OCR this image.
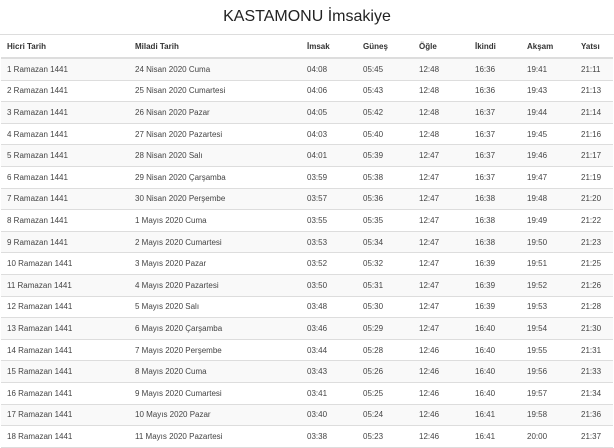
KASTAMONU İmsakiye
Hicri Tarih	Miladi Tarih	İmsak	Güneş	Öğle	İkindi	Akşam	Yatsı
1 Ramazan 1441	24 Nisan 2020 Cuma	04:08	05:45	12:48	16:36	19:41	21:11
2 Ramazan 1441	25 Nisan 2020 Cumartesi	04:06	05:43	12:48	16:36	19:43	21:13
3 Ramazan 1441	26 Nisan 2020 Pazar	04:05	05:42	12:48	16:37	19:44	21:14
4 Ramazan 1441	27 Nisan 2020 Pazartesi	04:03	05:40	12:48	16:37	19:45	21:16
5 Ramazan 1441	28 Nisan 2020 Salı	04:01	05:39	12:47	16:37	19:46	21:17
6 Ramazan 1441	29 Nisan 2020 Çarşamba	03:59	05:38	12:47	16:37	19:47	21:19
7 Ramazan 1441	30 Nisan 2020 Perşembe	03:57	05:36	12:47	16:38	19:48	21:20
8 Ramazan 1441	1 Mayıs 2020 Cuma	03:55	05:35	12:47	16:38	19:49	21:22
9 Ramazan 1441	2 Mayıs 2020 Cumartesi	03:53	05:34	12:47	16:38	19:50	21:23
10 Ramazan 1441	3 Mayıs 2020 Pazar	03:52	05:32	12:47	16:39	19:51	21:25
11 Ramazan 1441	4 Mayıs 2020 Pazartesi	03:50	05:31	12:47	16:39	19:52	21:26
12 Ramazan 1441	5 Mayıs 2020 Salı	03:48	05:30	12:47	16:39	19:53	21:28
13 Ramazan 1441	6 Mayıs 2020 Çarşamba	03:46	05:29	12:47	16:40	19:54	21:30
14 Ramazan 1441	7 Mayıs 2020 Perşembe	03:44	05:28	12:46	16:40	19:55	21:31
15 Ramazan 1441	8 Mayıs 2020 Cuma	03:43	05:26	12:46	16:40	19:56	21:33
16 Ramazan 1441	9 Mayıs 2020 Cumartesi	03:41	05:25	12:46	16:40	19:57	21:34
17 Ramazan 1441	10 Mayıs 2020 Pazar	03:40	05:24	12:46	16:41	19:58	21:36
18 Ramazan 1441	11 Mayıs 2020 Pazartesi	03:38	05:23	12:46	16:41	20:00	21:37
